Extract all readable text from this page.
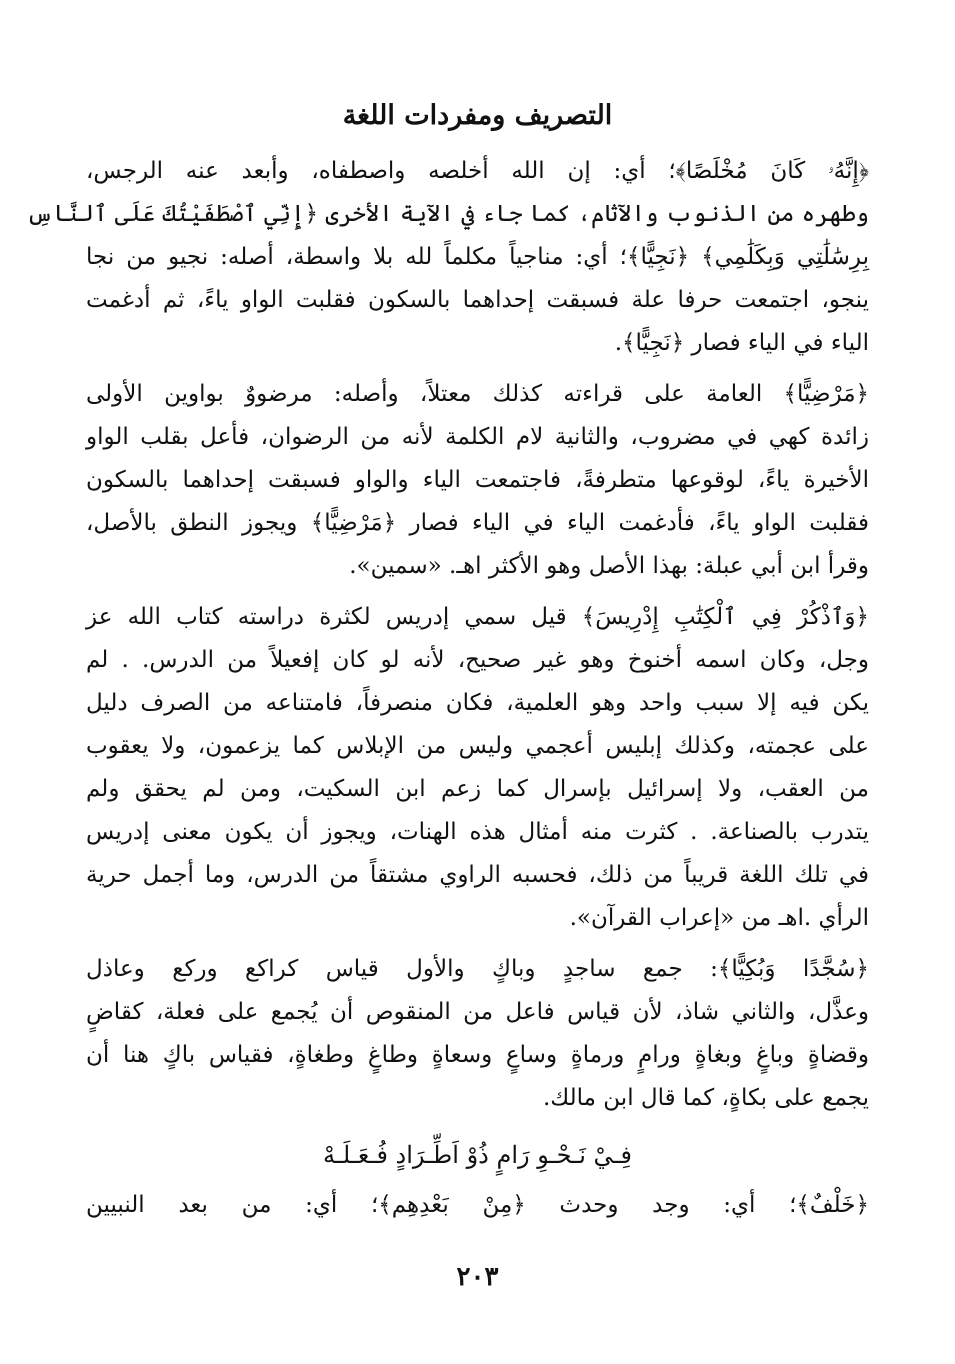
التصريف ومفردات اللغة
﴿إِنَّهُۥ كَانَ مُخْلَصًا﴾؛ أي: إن الله أخلصه واصطفاه، وأبعد عنه الرجس،
وطهره من الذنوب والآثام، كما جاء في الآية الأخرى ﴿إِنِّي ٱصْطَفَيْتُكَ عَلَى ٱلنَّاسِ
بِرِسَٰلَٰتِي وَبِكَلَٰمِي﴾ ﴿نَجِيًّا﴾؛ أي: مناجياً مكلماً لله بلا واسطة، أصله: نجيو من نجا
ينجو، اجتمعت حرفا علة فسبقت إحداهما بالسكون فقلبت الواو ياءً، ثم أدغمت
الياء في الياء فصار ﴿نَجِيًّا﴾.
﴿مَرْضِيًّا﴾ العامة على قراءته كذلك معتلاً، وأصله: مرضووٌ بواوين الأولى
زائدة كهي في مضروب، والثانية لام الكلمة لأنه من الرضوان، فأعل بقلب الواو
الأخيرة ياءً، لوقوعها متطرفةً، فاجتمعت الياء والواو فسبقت إحداهما بالسكون
فقلبت الواو ياءً، فأدغمت الياء في الياء فصار ﴿مَرْضِيًّا﴾ ويجوز النطق بالأصل،
وقرأ ابن أبي عبلة: بهذا الأصل وهو الأكثر اهـ. «سمين».
﴿وَٱذْكُرْ فِي ٱلْكِتَٰبِ إِدْرِيسَ﴾ قيل سمي إدريس لكثرة دراسته كتاب الله عز
وجل، وكان اسمه أخنوخ وهو غير صحيح، لأنه لو كان إفعيلاً من الدرس. . لم
يكن فيه إلا سبب واحد وهو العلمية، فكان منصرفاً، فامتناعه من الصرف دليل
على عجمته، وكذلك إبليس أعجمي وليس من الإبلاس كما يزعمون، ولا يعقوب
من العقب، ولا إسرائيل بإسرال كما زعم ابن السكيت، ومن لم يحقق ولم
يتدرب بالصناعة. . كثرت منه أمثال هذه الهنات، ويجوز أن يكون معنى إدريس
في تلك اللغة قريباً من ذلك، فحسبه الراوي مشتقاً من الدرس، وما أجمل حرية
الرأي .اهـ من «إعراب القرآن».
﴿سُجَّدًا وَبُكِيًّا﴾: جمع ساجدٍ وباكٍ والأول قياس كراكع وركع وعاذل
وعذَّل، والثاني شاذ، لأن قياس فاعل من المنقوص أن يُجمع على فعلة، كقاضٍ
وقضاةٍ وباغٍ وبغاةٍ ورامٍ ورماةٍ وساعٍ وسعاةٍ وطاغٍ وطغاةٍ، فقياس باكٍ هنا أن
يجمع على بكاةٍ، كما قال ابن مالك.
فِـيْ نَـحْـوِ رَامٍ ذُوْ اَطِّـرَادٍ فُـعَـلَـهْ
﴿خَلْفٌ﴾؛ أي: وجد وحدث ﴿مِنْ بَعْدِهِم﴾؛ أي: من بعد النبيين
٢٠٣
